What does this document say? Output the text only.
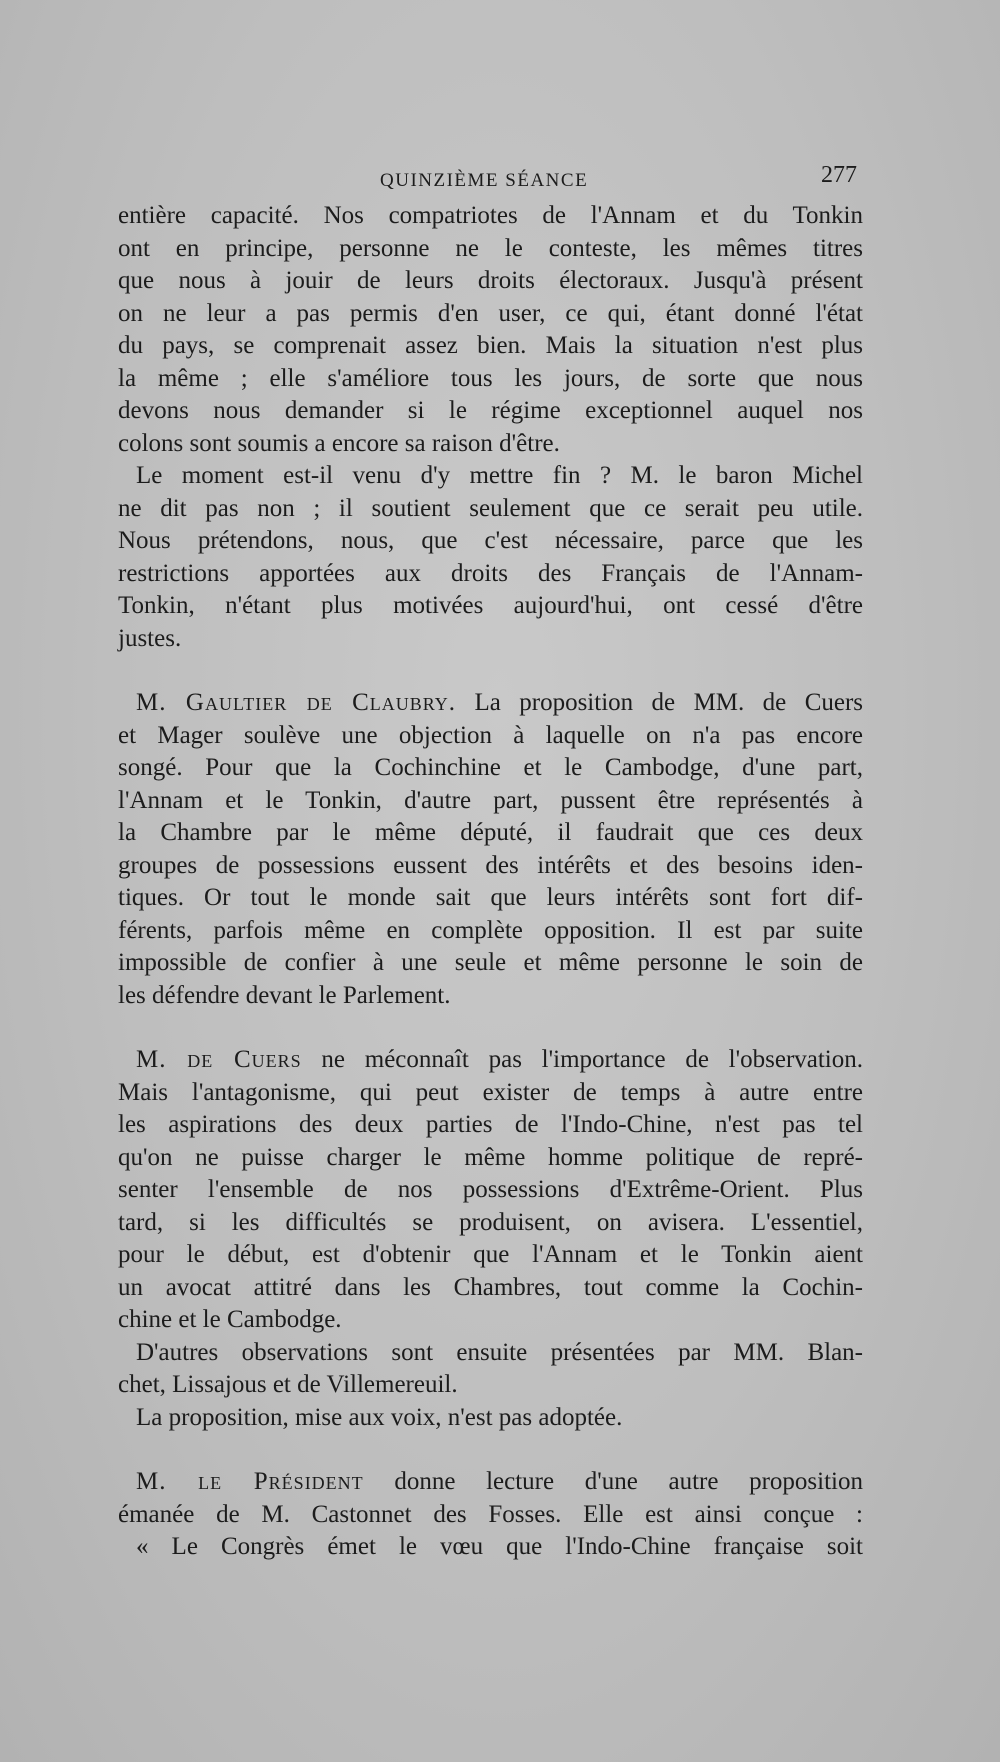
QUINZIÈME SÉANCE	277
entière capacité. Nos compatriotes de l'Annam et du Tonkin
ont en principe, personne ne le conteste, les mêmes titres
que nous à jouir de leurs droits électoraux. Jusqu'à présent
on ne leur a pas permis d'en user, ce qui, étant donné l'état
du pays, se comprenait assez bien. Mais la situation n'est plus
la même ; elle s'améliore tous les jours, de sorte que nous
devons nous demander si le régime exceptionnel auquel nos
colons sont soumis a encore sa raison d'être.
Le moment est-il venu d'y mettre fin ? M. le baron Michel
ne dit pas non ; il soutient seulement que ce serait peu utile.
Nous prétendons, nous, que c'est nécessaire, parce que les
restrictions apportées aux droits des Français de l'Annam-
Tonkin, n'étant plus motivées aujourd'hui, ont cessé d'être
justes.
M. Gaultier de Claubry. La proposition de MM. de Cuers
et Mager soulève une objection à laquelle on n'a pas encore
songé. Pour que la Cochinchine et le Cambodge, d'une part,
l'Annam et le Tonkin, d'autre part, pussent être représentés à
la Chambre par le même député, il faudrait que ces deux
groupes de possessions eussent des intérêts et des besoins iden-
tiques. Or tout le monde sait que leurs intérêts sont fort dif-
férents, parfois même en complète opposition. Il est par suite
impossible de confier à une seule et même personne le soin de
les défendre devant le Parlement.
M. de Cuers ne méconnaît pas l'importance de l'observation.
Mais l'antagonisme, qui peut exister de temps à autre entre
les aspirations des deux parties de l'Indo-Chine, n'est pas tel
qu'on ne puisse charger le même homme politique de repré-
senter l'ensemble de nos possessions d'Extrême-Orient. Plus
tard, si les difficultés se produisent, on avisera. L'essentiel,
pour le début, est d'obtenir que l'Annam et le Tonkin aient
un avocat attitré dans les Chambres, tout comme la Cochin-
chine et le Cambodge.
D'autres observations sont ensuite présentées par MM. Blan-
chet, Lissajous et de Villemereuil.
La proposition, mise aux voix, n'est pas adoptée.
M. le Président donne lecture d'une autre proposition
émanée de M. Castonnet des Fosses. Elle est ainsi conçue :
« Le Congrès émet le vœu que l'Indo-Chine française soit
